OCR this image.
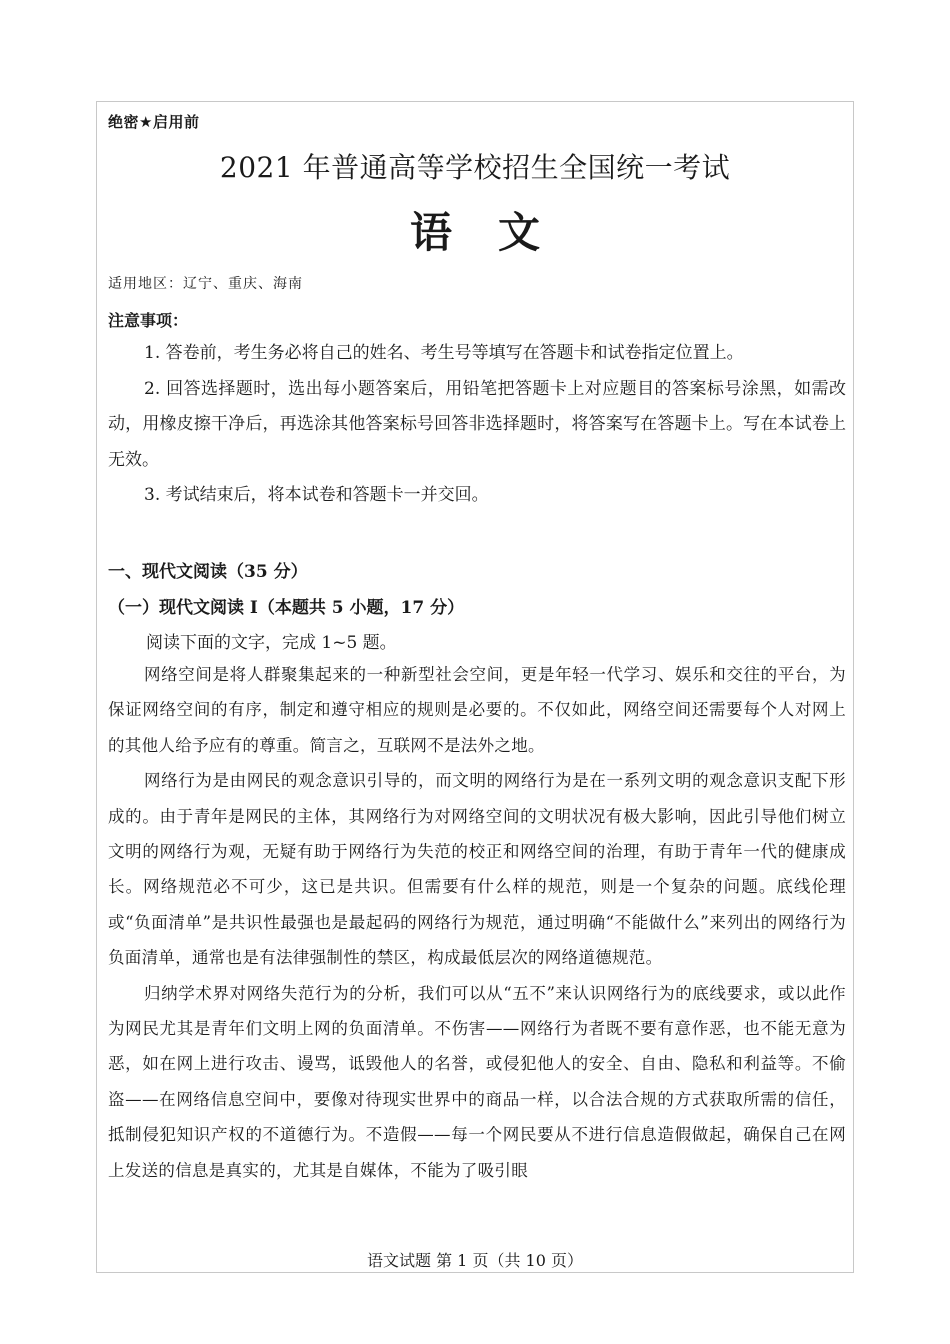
绝密★启用前
2021 年普通高等学校招生全国统一考试
语文
适用地区：辽宁、重庆、海南
注意事项：

1. 答卷前，考生务必将自己的姓名、考生号等填写在答题卡和试卷指定位置上。

2. 回答选择题时，选出每小题答案后，用铅笔把答题卡上对应题目的答案标号涂黑，如需改动，用橡皮擦干净后，再选涂其他答案标号回答非选择题时，将答案写在答题卡上。写在本试卷上无效。

3. 考试结束后，将本试卷和答题卡一并交回。

一、现代文阅读（35 分）
（一）现代文阅读 I（本题共 5 小题，17 分）
阅读下面的文字，完成 1~5 题。

网络空间是将人群聚集起来的一种新型社会空间，更是年轻一代学习、娱乐和交往的平台，为保证网络空间的有序，制定和遵守相应的规则是必要的。不仅如此，网络空间还需要每个人对网上的其他人给予应有的尊重。简言之，互联网不是法外之地。

网络行为是由网民的观念意识引导的，而文明的网络行为是在一系列文明的观念意识支配下形成的。由于青年是网民的主体，其网络行为对网络空间的文明状况有极大影响，因此引导他们树立文明的网络行为观，无疑有助于网络行为失范的校正和网络空间的治理，有助于青年一代的健康成长。网络规范必不可少，这已是共识。但需要有什么样的规范，则是一个复杂的问题。底线伦理或“负面清单”是共识性最强也是最起码的网络行为规范，通过明确“不能做什么”来列出的网络行为负面清单，通常也是有法律强制性的禁区，构成最低层次的网络道德规范。

归纳学术界对网络失范行为的分析，我们可以从“五不”来认识网络行为的底线要求，或以此作为网民尤其是青年们文明上网的负面清单。不伤害——网络行为者既不要有意作恶，也不能无意为恶，如在网上进行攻击、谩骂，诋毁他人的名誉，或侵犯他人的安全、自由、隐私和利益等。不偷盗——在网络信息空间中，要像对待现实世界中的商品一样，以合法合规的方式获取所需的信任，抵制侵犯知识产权的不道德行为。不造假——每一个网民要从不进行信息造假做起，确保自己在网上发送的信息是真实的，尤其是自媒体，不能为了吸引眼

语文试题 第 1 页（共 10 页）
